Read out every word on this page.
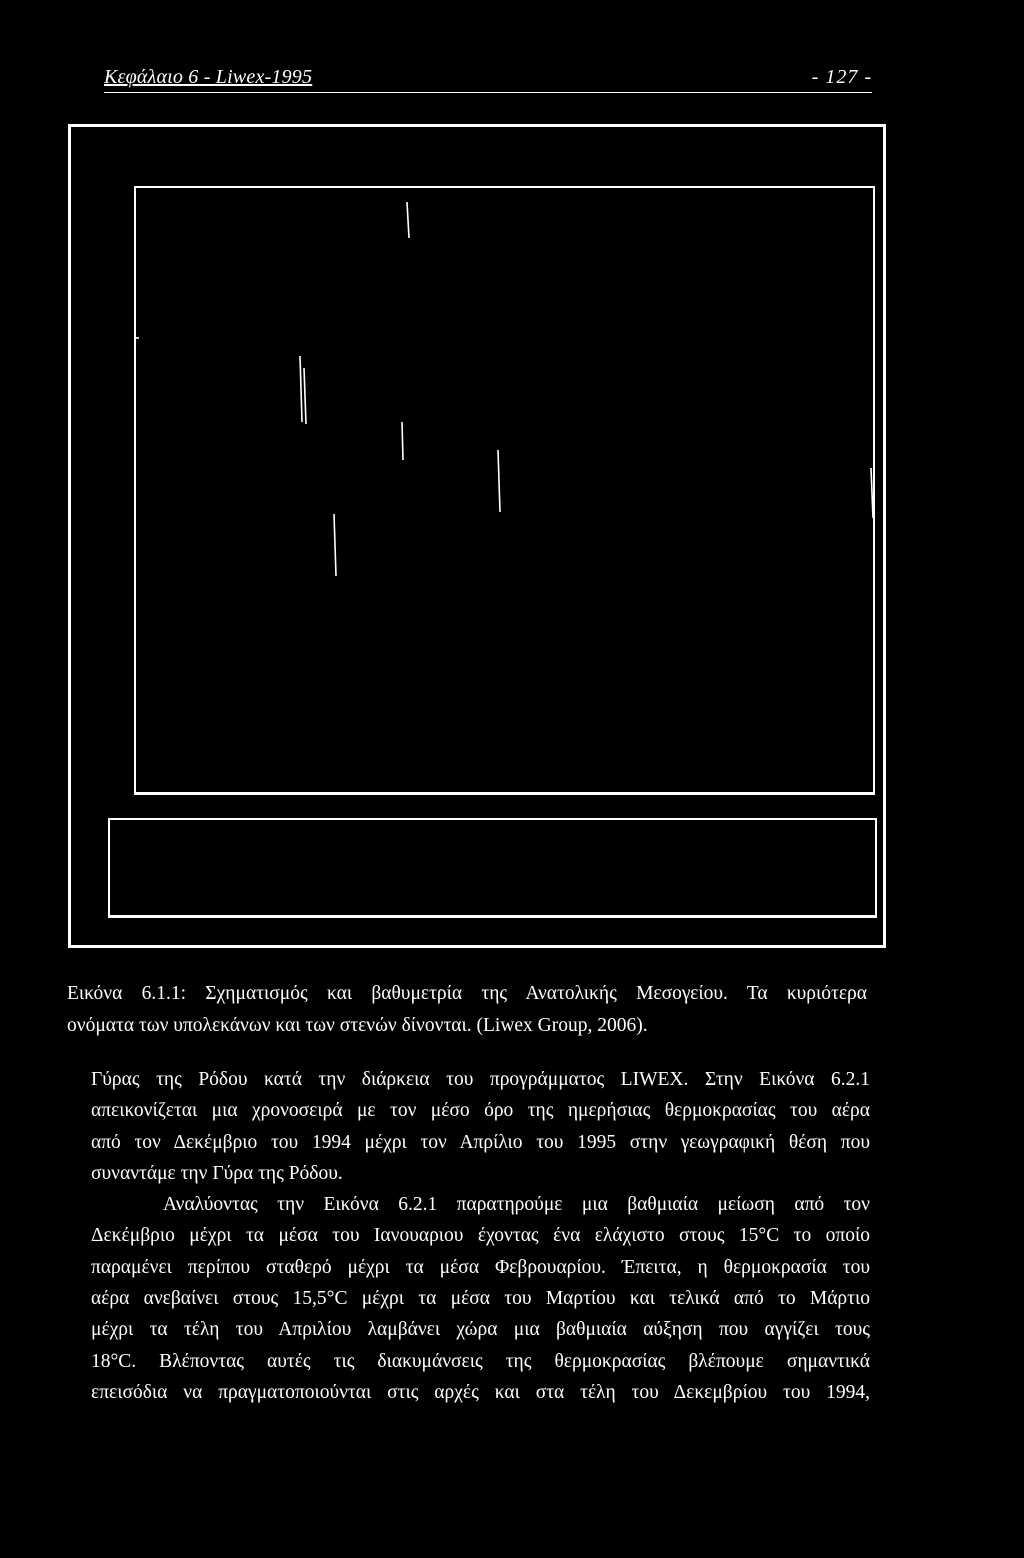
Κεφάλαιο 6 - Liwex-1995	- 127 -
Εικόνα 6.1.1: Σχηματισμός και βαθυμετρία της Ανατολικής Μεσογείου. Τα κυριότερα
ονόματα των υπολεκάνων και των στενών δίνονται. (Liwex Group, 2006).
Γύρας της Ρόδου κατά την διάρκεια του προγράμματος LIWEX. Στην Εικόνα 6.2.1
απεικονίζεται μια χρονοσειρά με τον μέσο όρο της ημερήσιας θερμοκρασίας του αέρα
από τον Δεκέμβριο του 1994 μέχρι τον Απρίλιο του 1995 στην γεωγραφική θέση που
συναντάμε την Γύρα της Ρόδου.
Αναλύοντας την Εικόνα 6.2.1 παρατηρούμε μια βαθμιαία μείωση από τον
Δεκέμβριο μέχρι τα μέσα του Ιανουαριου έχοντας ένα ελάχιστο στους 15°C το οποίο
παραμένει περίπου σταθερό μέχρι τα μέσα Φεβρουαρίου. Έπειτα, η θερμοκρασία του
αέρα ανεβαίνει στους 15,5°C μέχρι τα μέσα του Μαρτίου και τελικά από το Μάρτιο
μέχρι τα τέλη του Απριλίου λαμβάνει χώρα μια βαθμιαία αύξηση που αγγίζει τους
18°C. Βλέποντας αυτές τις διακυμάνσεις της θερμοκρασίας βλέπουμε σημαντικά
επεισόδια να πραγματοποιούνται στις αρχές και στα τέλη του Δεκεμβρίου του 1994,
